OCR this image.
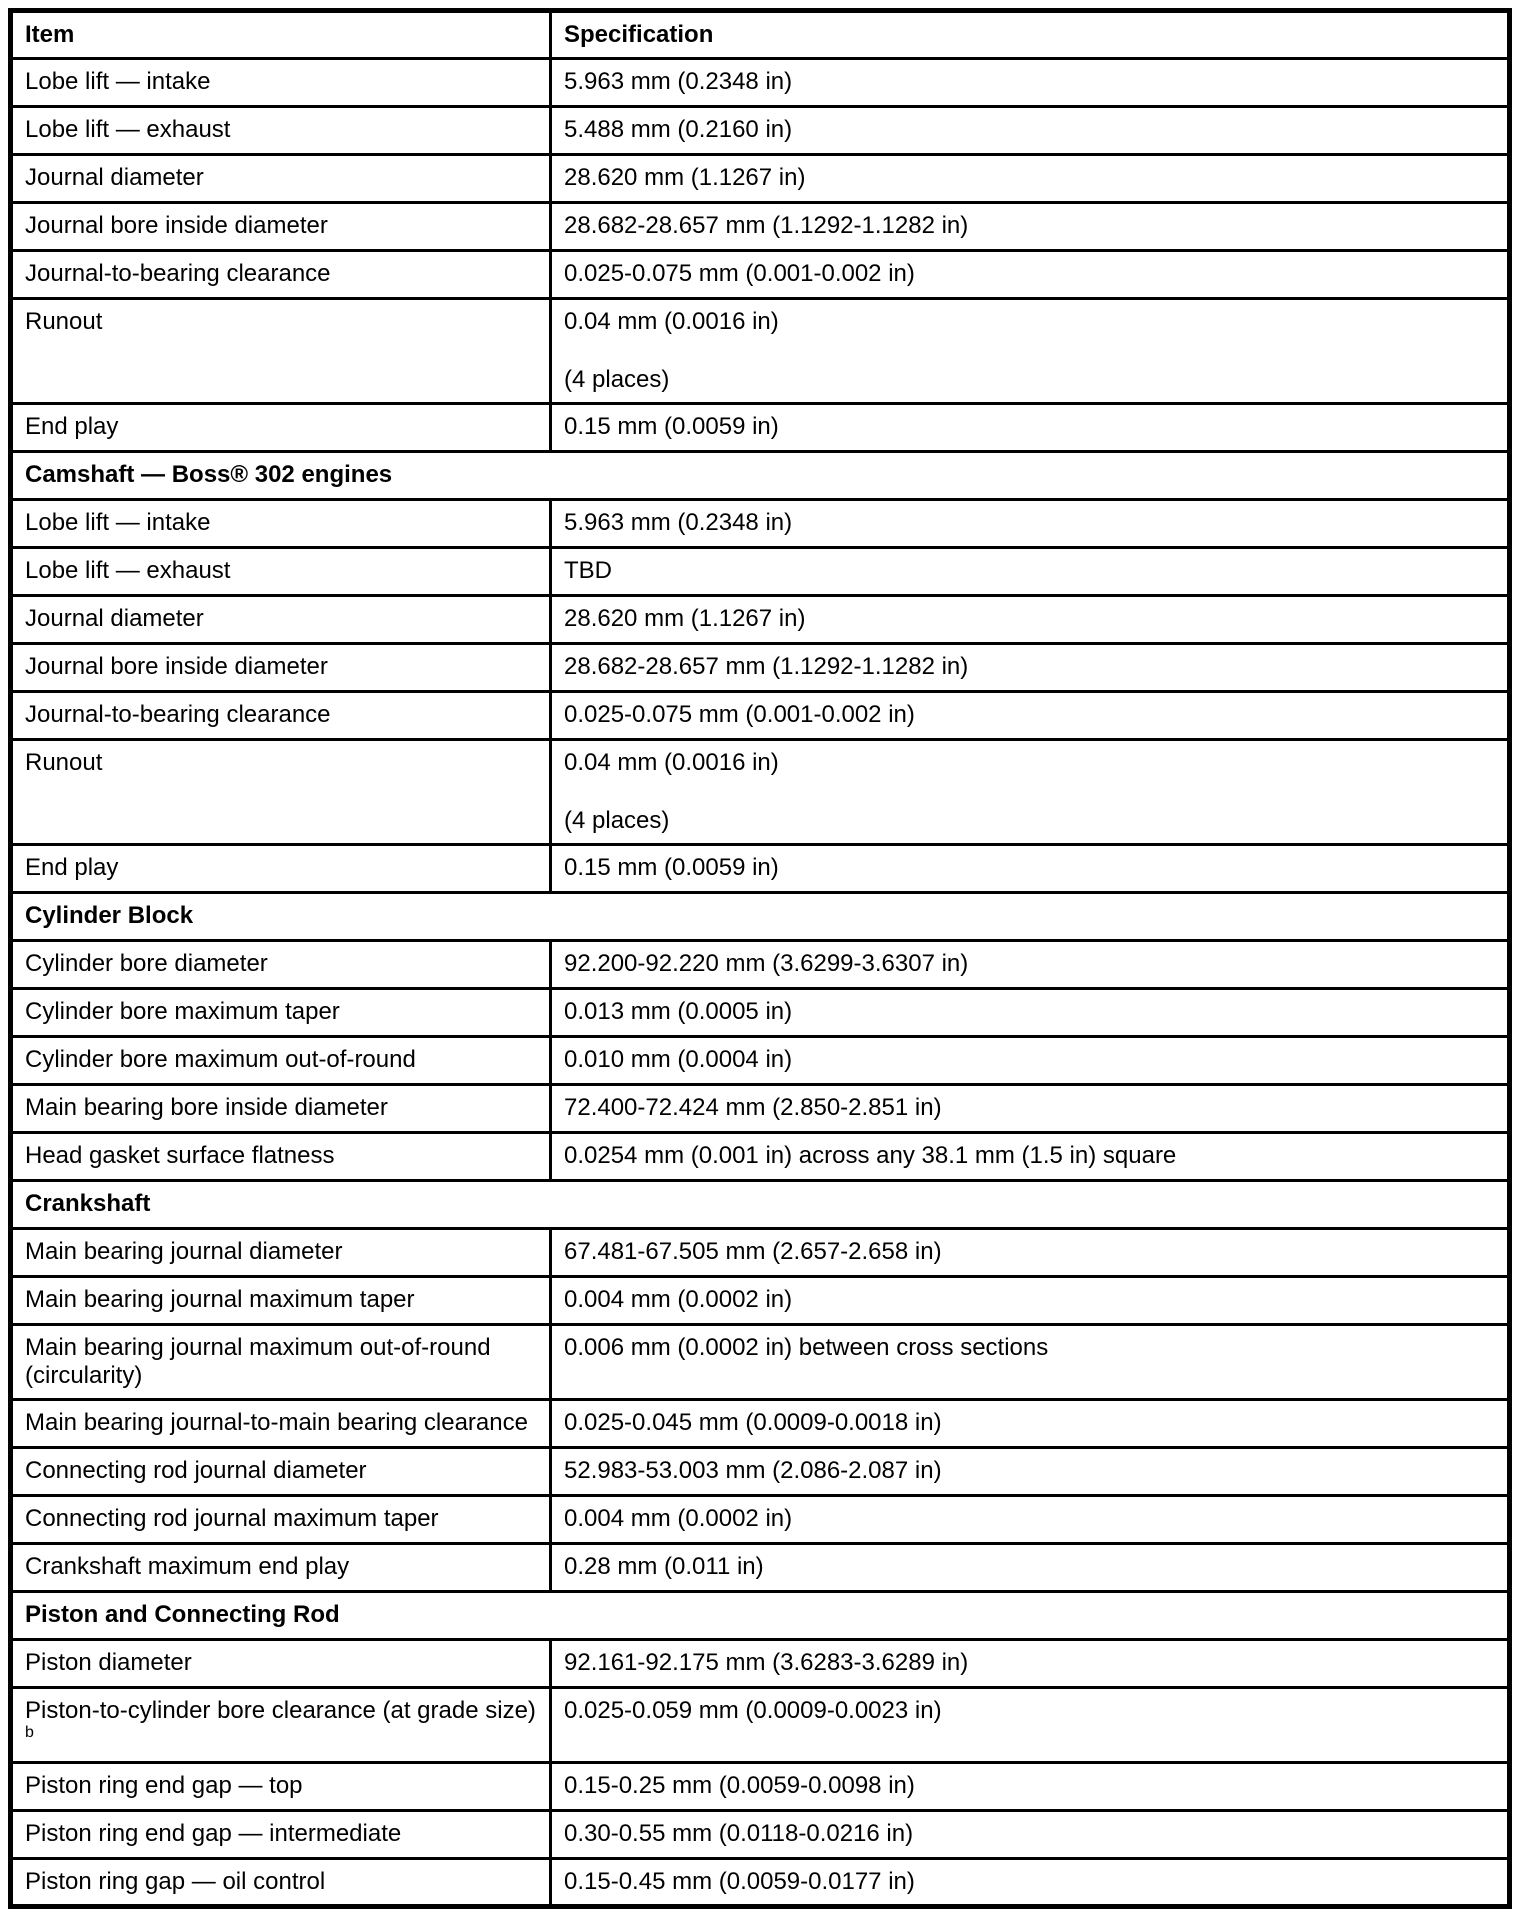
Item	Specification
Lobe lift — intake	5.963 mm (0.2348 in)

Lobe lift — exhaust	5.488 mm (0.2160 in)

Journal diameter	28.620 mm (1.1267 in)

Journal bore inside diameter	28.682-28.657 mm (1.1292-1.1282 in)

Journal-to-bearing clearance	0.025-0.075 mm (0.001-0.002 in)

Runout	0.04 mm (0.0016 in)

(4 places)

End play	0.15 mm (0.0059 in)

Camshaft — Boss® 302 engines	
Lobe lift — intake	5.963 mm (0.2348 in)

Lobe lift — exhaust	TBD

Journal diameter	28.620 mm (1.1267 in)

Journal bore inside diameter	28.682-28.657 mm (1.1292-1.1282 in)

Journal-to-bearing clearance	0.025-0.075 mm (0.001-0.002 in)

Runout	0.04 mm (0.0016 in)

(4 places)

End play	0.15 mm (0.0059 in)

Cylinder Block	
Cylinder bore diameter	92.200-92.220 mm (3.6299-3.6307 in)

Cylinder bore maximum taper	0.013 mm (0.0005 in)

Cylinder bore maximum out-of-round	0.010 mm (0.0004 in)

Main bearing bore inside diameter	72.400-72.424 mm (2.850-2.851 in)

Head gasket surface flatness	0.0254 mm (0.001 in) across any 38.1 mm (1.5 in) square

Crankshaft	
Main bearing journal diameter	67.481-67.505 mm (2.657-2.658 in)

Main bearing journal maximum taper	0.004 mm (0.0002 in)

Main bearing journal maximum out-of-round (circularity)	0.006 mm (0.0002 in) between cross sections

Main bearing journal-to-main bearing clearance	0.025-0.045 mm (0.0009-0.0018 in)

Connecting rod journal diameter	52.983-53.003 mm (2.086-2.087 in)

Connecting rod journal maximum taper	0.004 mm (0.0002 in)

Crankshaft maximum end play	0.28 mm (0.011 in)

Piston and Connecting Rod	
Piston diameter	92.161-92.175 mm (3.6283-3.6289 in)

Piston-to-cylinder bore clearance (at grade size) $^b$	0.025-0.059 mm (0.0009-0.0023 in)

Piston ring end gap — top	0.15-0.25 mm (0.0059-0.0098 in)

Piston ring end gap — intermediate	0.30-0.55 mm (0.0118-0.0216 in)

Piston ring gap — oil control	0.15-0.45 mm (0.0059-0.0177 in)
